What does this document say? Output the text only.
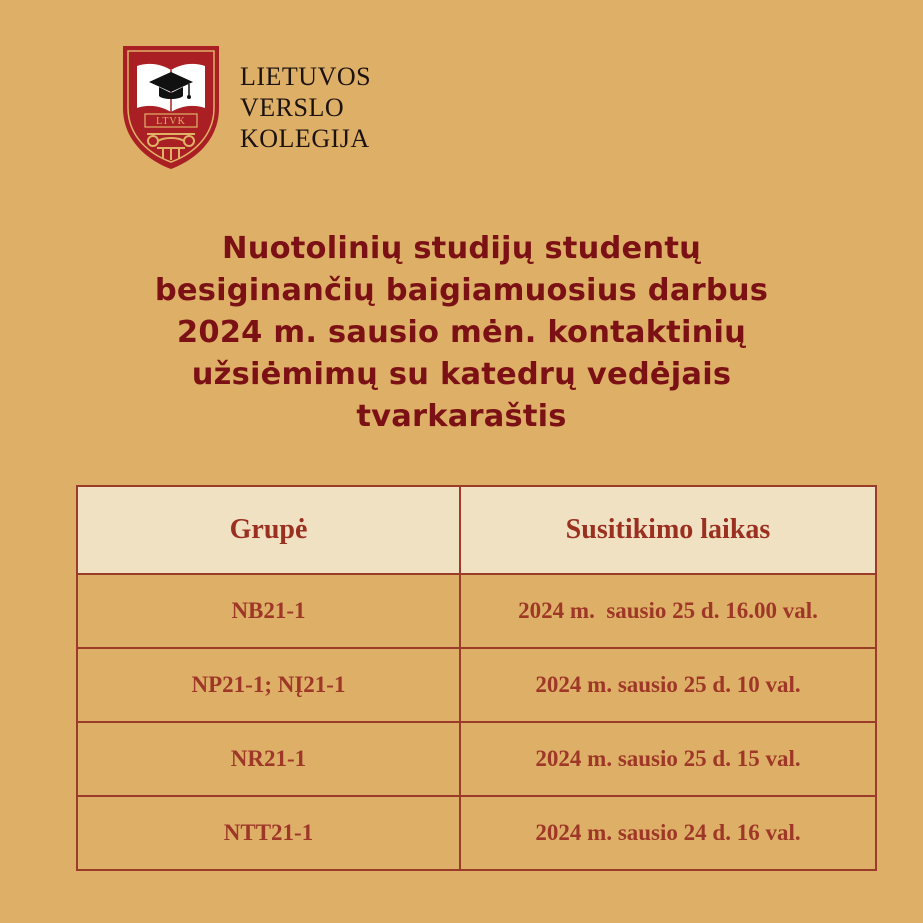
LTVK
LIETUVOS
VERSLO
KOLEGIJA
Nuotolinių studijų studentų
besiginančių baigiamuosius darbus
2024 m. sausio mėn. kontaktinių
užsiėmimų su katedrų vedėjais
tvarkaraštis
Grupė	Susitikimo laikas
NB21-1	2024 m.  sausio 25 d. 16.00 val.
NP21-1; NĮ21-1	2024 m. sausio 25 d. 10 val.
NR21-1	2024 m. sausio 25 d. 15 val.
NTT21-1	2024 m. sausio 24 d. 16 val.
